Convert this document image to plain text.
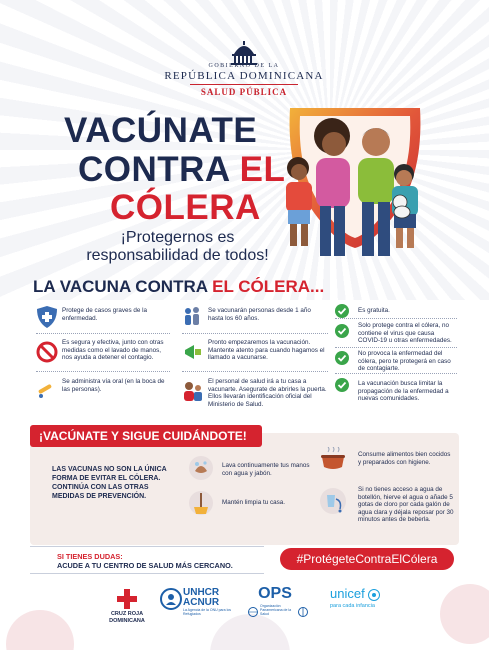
GOBIERNO DE LA
REPÚBLICA DOMINICANA
SALUD PÚBLICA
VACÚNATE
CONTRA EL
CÓLERA
¡Protegernos es
responsabilidad de todos!
LA VACUNA CONTRA EL CÓLERA...
Protege de casos graves de la enfermedad.
Es segura y efectiva, junto con otras medidas como el lavado de manos, nos ayuda a detener el contagio.
Se administra vía oral (en la boca de las personas).
Se vacunarán personas desde 1 año hasta los 60 años.
Pronto empezaremos la vacunación. Mantente atento para cuando hagamos el llamado a vacunarse.
El personal de salud irá a tu casa a vacunarte. Asegurate de abrirles la puerta. Ellos llevarán identificación oficial del Ministerio de Salud.
Es gratuita.
Solo protege contra el cólera, no contiene el virus que causa COVID-19 u otras enfermedades.
No provoca la enfermedad del cólera, pero te protegerá en caso de contagiarte.
La vacunación busca limitar la propagación de la enfermedad a nuevas comunidades.
¡VACÚNATE Y SIGUE CUIDÁNDOTE!
LAS VACUNAS NO SON LA ÚNICA FORMA DE EVITAR EL CÓLERA. CONTINÚA CON LAS OTRAS MEDIDAS DE PREVENCIÓN.
Lava continuamente tus manos con agua y jabón.
Mantén limpia tu casa.
Consume alimentos bien cocidos y preparados con higiene.
Si no tienes acceso a agua de botellón, hierve el agua o añade 5 gotas de cloro por cada galón de agua clara y déjala reposar por 30 minutos antes de beberla.
SI TIENES DUDAS:
ACUDE A TU CENTRO DE SALUD MÁS CERCANO.	#ProtégeteContraElCólera
CRUZ ROJA
DOMINICANA
UNHCR
ACNUR
La Agencia de la ONU para los Refugiados
OPS
Organización Panamericana de la Salud
unicef
para cada infancia
